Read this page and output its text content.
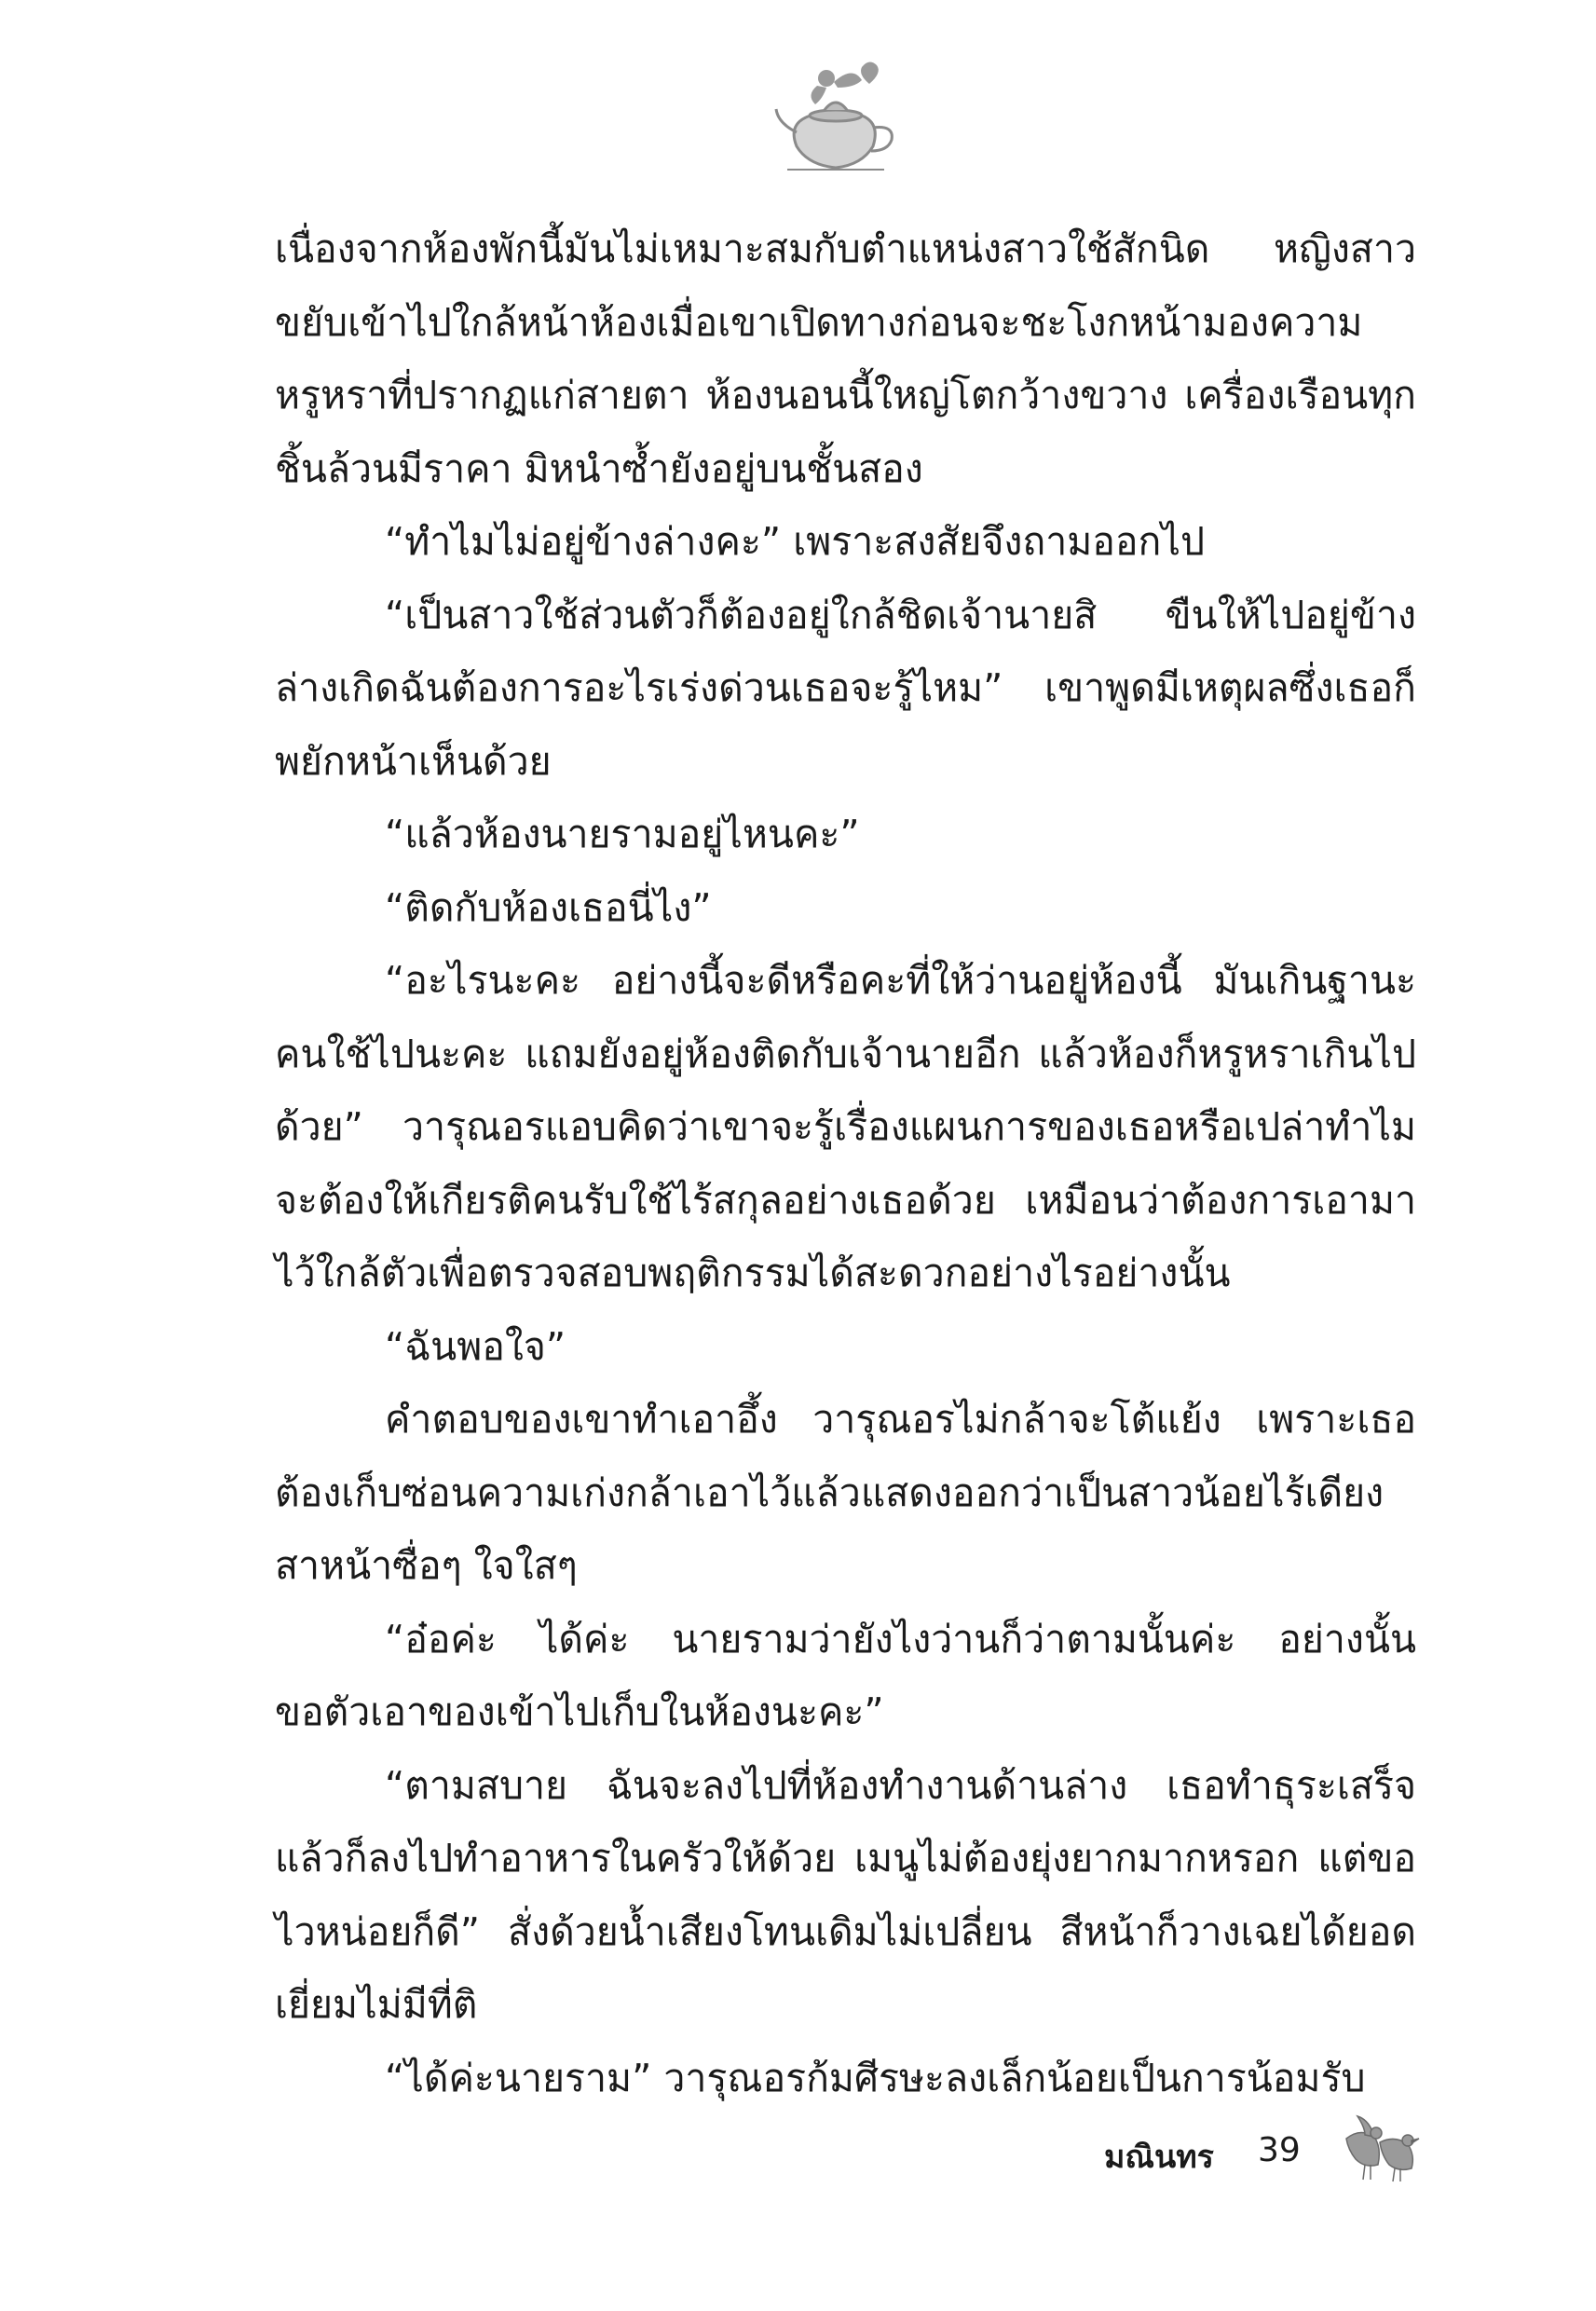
เนื่องจากห้องพักนี้มันไม่เหมาะสมกับตำแหน่งสาวใช้สักนิด หญิงสาวขยับเข้าไปใกล้หน้าห้องเมื่อเขาเปิดทางก่อนจะชะโงกหน้ามองความหรูหราที่ปรากฏแก่สายตา ห้องนอนนี้ใหญ่โตกว้างขวาง เครื่องเรือนทุกชิ้นล้วนมีราคา มิหนำซ้ำยังอยู่บนชั้นสอง

“ทำไมไม่อยู่ข้างล่างคะ” เพราะสงสัยจึงถามออกไป

“เป็นสาวใช้ส่วนตัวก็ต้องอยู่ใกล้ชิดเจ้านายสิ ขืนให้ไปอยู่ข้างล่างเกิดฉันต้องการอะไรเร่งด่วนเธอจะรู้ไหม” เขาพูดมีเหตุผลซึ่งเธอก็พยักหน้าเห็นด้วย

“แล้วห้องนายรามอยู่ไหนคะ”

“ติดกับห้องเธอนี่ไง”

“อะไรนะคะ อย่างนี้จะดีหรือคะที่ให้ว่านอยู่ห้องนี้ มันเกินฐานะคนใช้ไปนะคะ แถมยังอยู่ห้องติดกับเจ้านายอีก แล้วห้องก็หรูหราเกินไปด้วย” วารุณอรแอบคิดว่าเขาจะรู้เรื่องแผนการของเธอหรือเปล่าทำไมจะต้องให้เกียรติคนรับใช้ไร้สกุลอย่างเธอด้วย เหมือนว่าต้องการเอามาไว้ใกล้ตัวเพื่อตรวจสอบพฤติกรรมได้สะดวกอย่างไรอย่างนั้น

“ฉันพอใจ”

คำตอบของเขาทำเอาอึ้ง วารุณอรไม่กล้าจะโต้แย้ง เพราะเธอต้องเก็บซ่อนความเก่งกล้าเอาไว้แล้วแสดงออกว่าเป็นสาวน้อยไร้เดียงสาหน้าซื่อๆ ใจใสๆ

“อ๋อค่ะ ได้ค่ะ นายรามว่ายังไงว่านก็ว่าตามนั้นค่ะ อย่างนั้นขอตัวเอาของเข้าไปเก็บในห้องนะคะ”

“ตามสบาย ฉันจะลงไปที่ห้องทำงานด้านล่าง เธอทำธุระเสร็จแล้วก็ลงไปทำอาหารในครัวให้ด้วย เมนูไม่ต้องยุ่งยากมากหรอก แต่ขอไวหน่อยก็ดี” สั่งด้วยน้ำเสียงโทนเดิมไม่เปลี่ยน สีหน้าก็วางเฉยได้ยอดเยี่ยมไม่มีที่ติ

“ได้ค่ะนายราม” วารุณอรก้มศีรษะลงเล็กน้อยเป็นการน้อมรับ

มณินทร 39
